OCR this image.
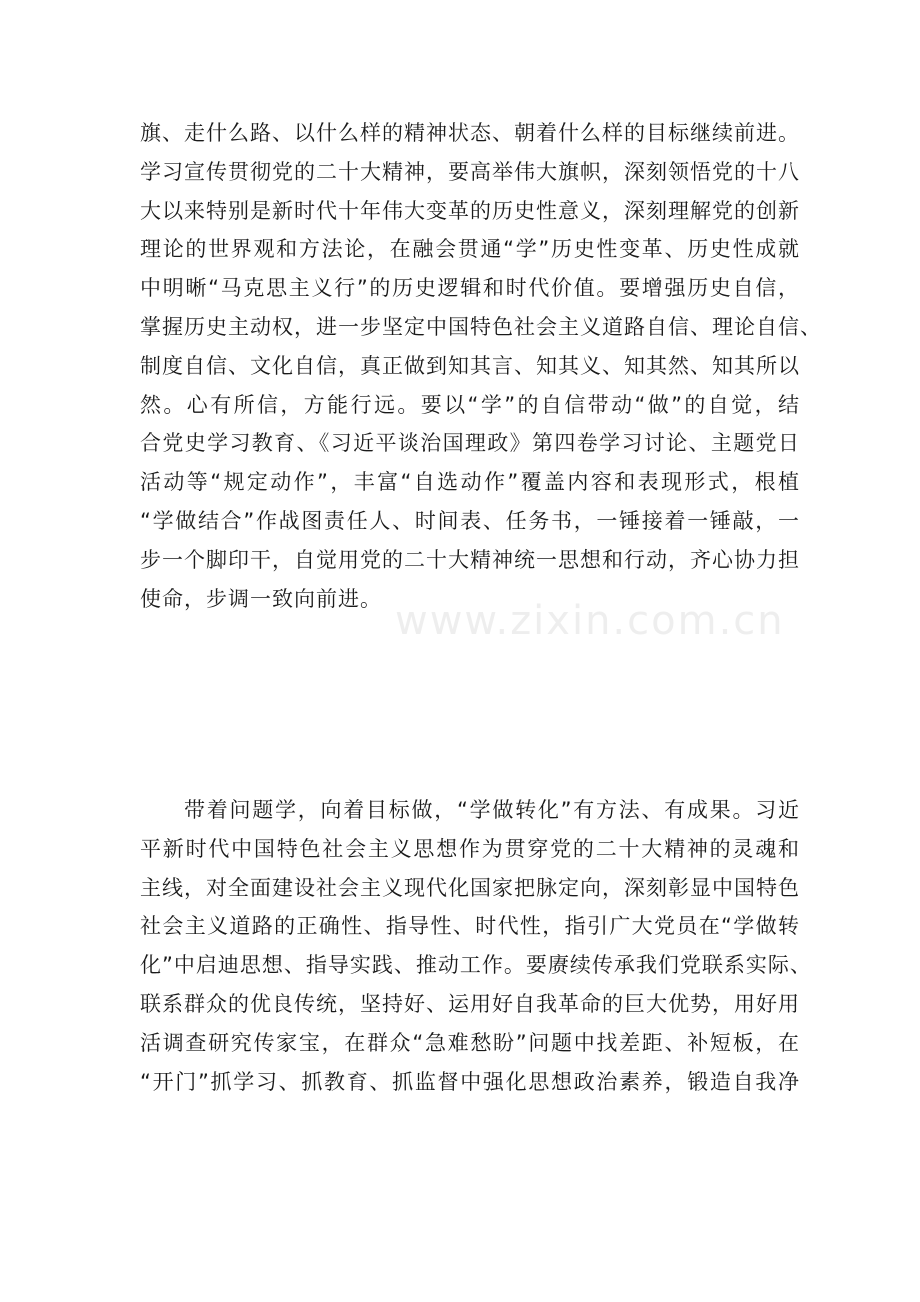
旗、走什么路、以什么样的精神状态、朝着什么样的目标继续前进。
学习宣传贯彻党的二十大精神，要高举伟大旗帜，深刻领悟党的十八
大以来特别是新时代十年伟大变革的历史性意义，深刻理解党的创新
理论的世界观和方法论，在融会贯通“学”历史性变革、历史性成就
中明晰“马克思主义行”的历史逻辑和时代价值。要增强历史自信，
掌握历史主动权，进一步坚定中国特色社会主义道路自信、理论自信、
制度自信、文化自信，真正做到知其言、知其义、知其然、知其所以
然。心有所信，方能行远。要以“学”的自信带动“做”的自觉，结
合党史学习教育、《习近平谈治国理政》第四卷学习讨论、主题党日
活动等“规定动作”，丰富“自选动作”覆盖内容和表现形式，根植
“学做结合”作战图责任人、时间表、任务书，一锤接着一锤敲，一
步一个脚印干，自觉用党的二十大精神统一思想和行动，齐心协力担
使命，步调一致向前进。 www.zixin.com.cn
带着问题学，向着目标做，“学做转化”有方法、有成果。习近
平新时代中国特色社会主义思想作为贯穿党的二十大精神的灵魂和
主线，对全面建设社会主义现代化国家把脉定向，深刻彰显中国特色
社会主义道路的正确性、指导性、时代性，指引广大党员在“学做转
化”中启迪思想、指导实践、推动工作。要赓续传承我们党联系实际、
联系群众的优良传统，坚持好、运用好自我革命的巨大优势，用好用
活调查研究传家宝，在群众“急难愁盼”问题中找差距、补短板，在
“开门”抓学习、抓教育、抓监督中强化思想政治素养，锻造自我净
